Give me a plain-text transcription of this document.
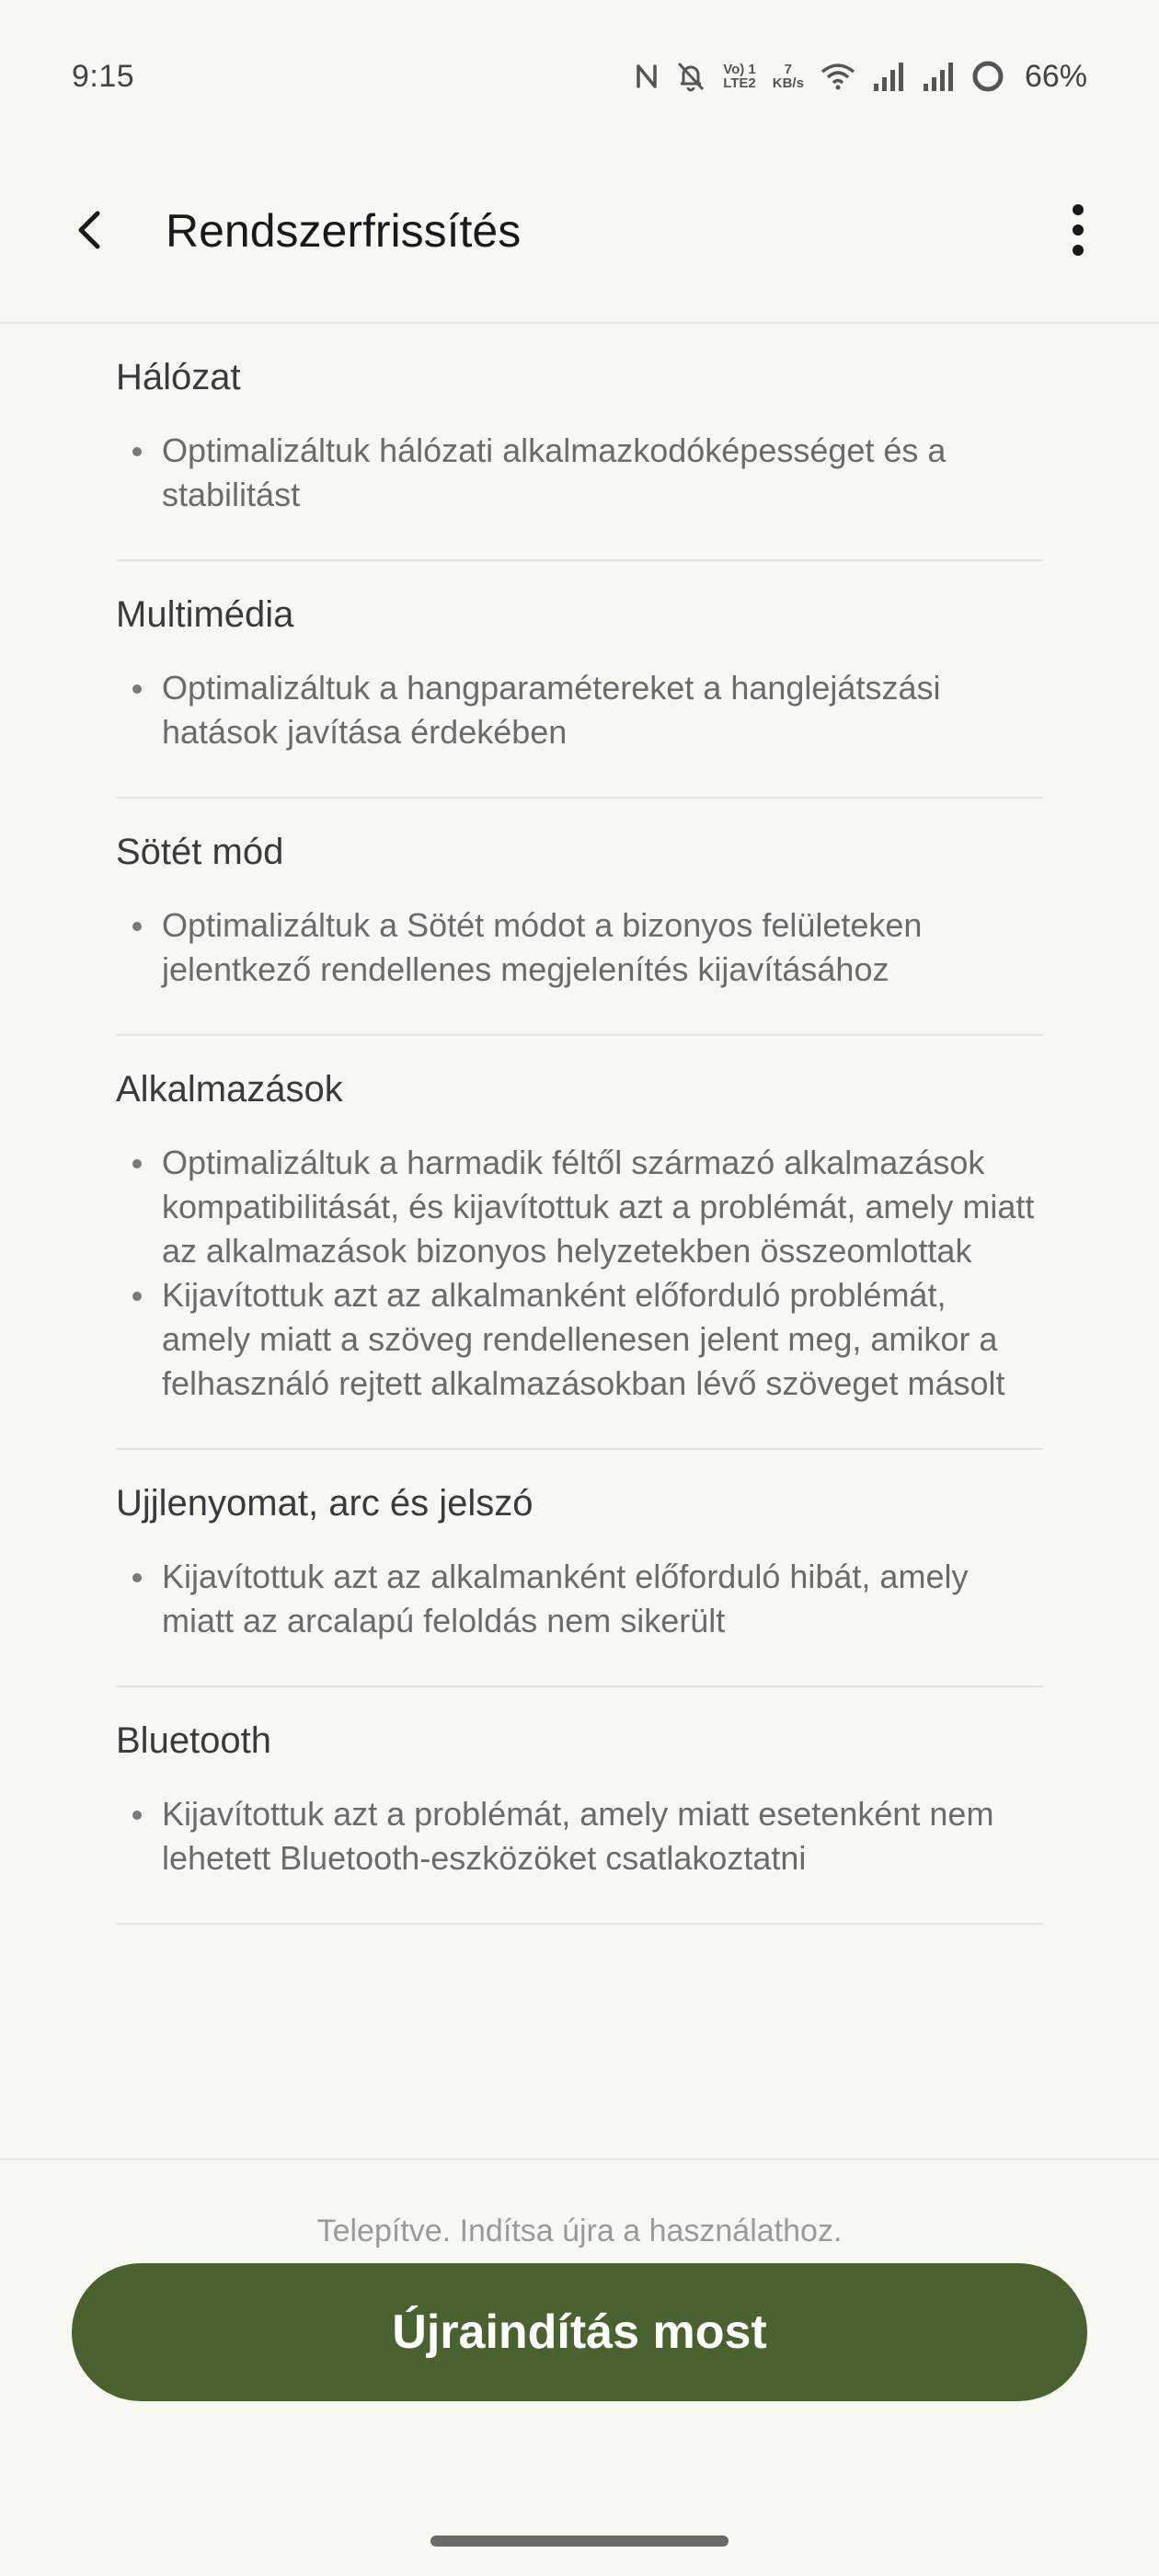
9:15	Vo) 1
LTE2
7
KB/s	66%
Rendszerfrissítés
Hálózat
Optimalizáltuk hálózati alkalmazkodóképességet és a stabilitást
Multimédia
Optimalizáltuk a hangparamétereket a hanglejátszási hatások javítása érdekében
Sötét mód
Optimalizáltuk a Sötét módot a bizonyos felületeken jelentkező rendellenes megjelenítés kijavításához
Alkalmazások
Optimalizáltuk a harmadik féltől származó alkalmazások kompatibilitását, és kijavítottuk azt a problémát, amely miatt az alkalmazások bizonyos helyzetekben összeomlottak
Kijavítottuk azt az alkalmanként előforduló problémát, amely miatt a szöveg rendellenesen jelent meg, amikor a felhasználó rejtett alkalmazásokban lévő szöveget másolt
Ujjlenyomat, arc és jelszó
Kijavítottuk azt az alkalmanként előforduló hibát, amely miatt az arcalapú feloldás nem sikerült
Bluetooth
Kijavítottuk azt a problémát, amely miatt esetenként nem lehetett Bluetooth-eszközöket csatlakoztatni
Telepítve. Indítsa újra a használathoz.
Újraindítás most
